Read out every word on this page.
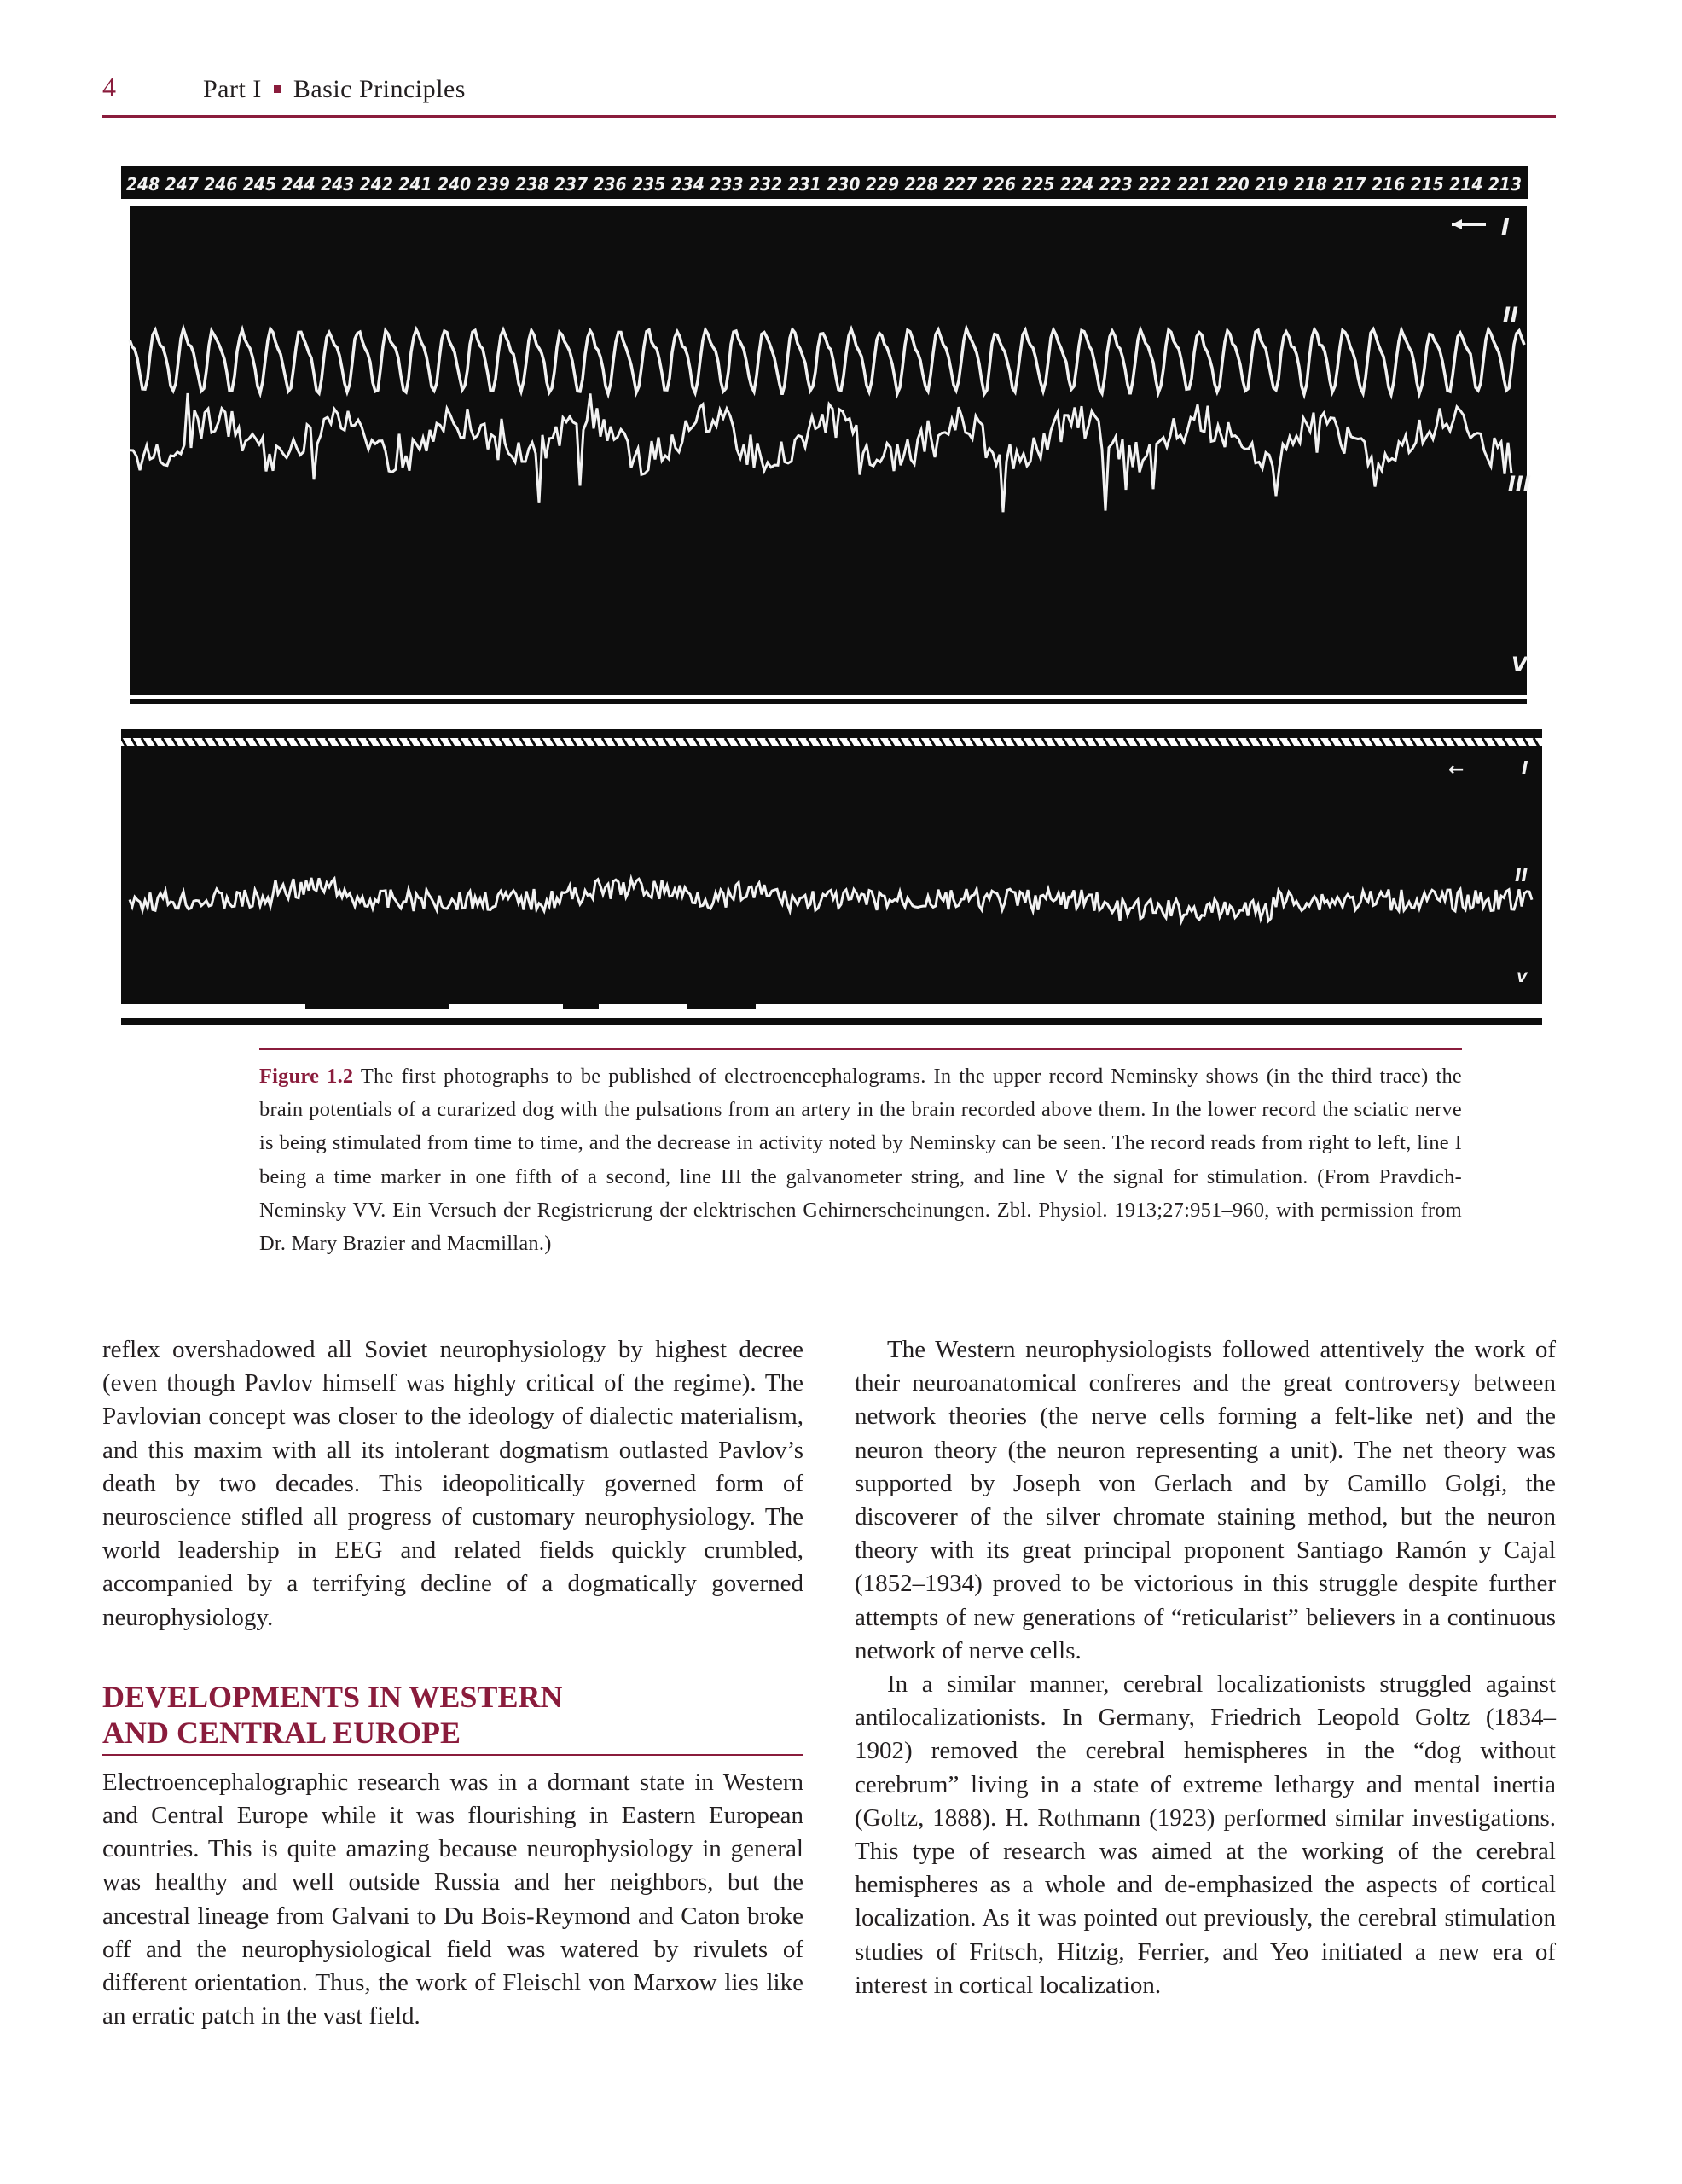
4	Part I Basic Principles
248 247 246 245 244 243 242 241 240 239 238 237 236 235 234 233 232 231 230 229 228 227 226 225 224 223 222 221 220 219 218 217 216 215 214 213
I
II
III
V
←	I
II
V
Figure 1.2 The first photographs to be published of electroencephalograms. In the upper record Neminsky shows (in the third trace) the brain potentials of a curarized dog with the pulsations from an artery in the brain recorded above them. In the lower record the sciatic nerve is being stimulated from time to time, and the decrease in activity noted by Neminsky can be seen. The record reads from right to left, line I being a time marker in one fifth of a second, line III the galvanometer string, and line V the signal for stimulation. (From Pravdich-Neminsky VV. Ein Versuch der Registrierung der elektrischen Gehirnerscheinungen. Zbl. Physiol. 1913;27:951–960, with permission from Dr. Mary Brazier and Macmillan.)

reflex overshadowed all Soviet neurophysiology by highest decree (even though Pavlov himself was highly critical of the regime). The Pavlovian concept was closer to the ideology of dialectic materialism, and this maxim with all its intolerant dogmatism outlasted Pavlov’s death by two decades. This ideopolitically governed form of neuroscience stifled all progress of customary neurophysiology. The world leadership in EEG and related fields quickly crumbled, accompanied by a terrifying decline of a dogmatically governed neurophysiology.

DEVELOPMENTS IN WESTERN
AND CENTRAL EUROPE

Electroencephalographic research was in a dormant state in Western and Central Europe while it was flourishing in Eastern European countries. This is quite amazing because neurophysiology in general was healthy and well outside Russia and her neighbors, but the ancestral lineage from Galvani to Du Bois-Reymond and Caton broke off and the neurophysiological field was watered by rivulets of different orientation. Thus, the work of Fleischl von Marxow lies like an erratic patch in the vast field.

The Western neurophysiologists followed attentively the work of their neuroanatomical confreres and the great controversy between network theories (the nerve cells forming a felt-like net) and the neuron theory (the neuron representing a unit). The net theory was supported by Joseph von Gerlach and by Camillo Golgi, the discoverer of the silver chromate staining method, but the neuron theory with its great principal proponent Santiago Ramón y Cajal (1852–1934) proved to be victorious in this struggle despite further attempts of new generations of “reticularist” believers in a continuous network of nerve cells.

In a similar manner, cerebral localizationists struggled against antilocalizationists. In Germany, Friedrich Leopold Goltz (1834–1902) removed the cerebral hemispheres in the “dog without cerebrum” living in a state of extreme lethargy and mental inertia (Goltz, 1888). H. Rothmann (1923) performed similar investigations. This type of research was aimed at the working of the cerebral hemispheres as a whole and de-emphasized the aspects of cortical localization. As it was pointed out previously, the cerebral stimulation studies of Fritsch, Hitzig, Ferrier, and Yeo initiated a new era of interest in cortical localization.
